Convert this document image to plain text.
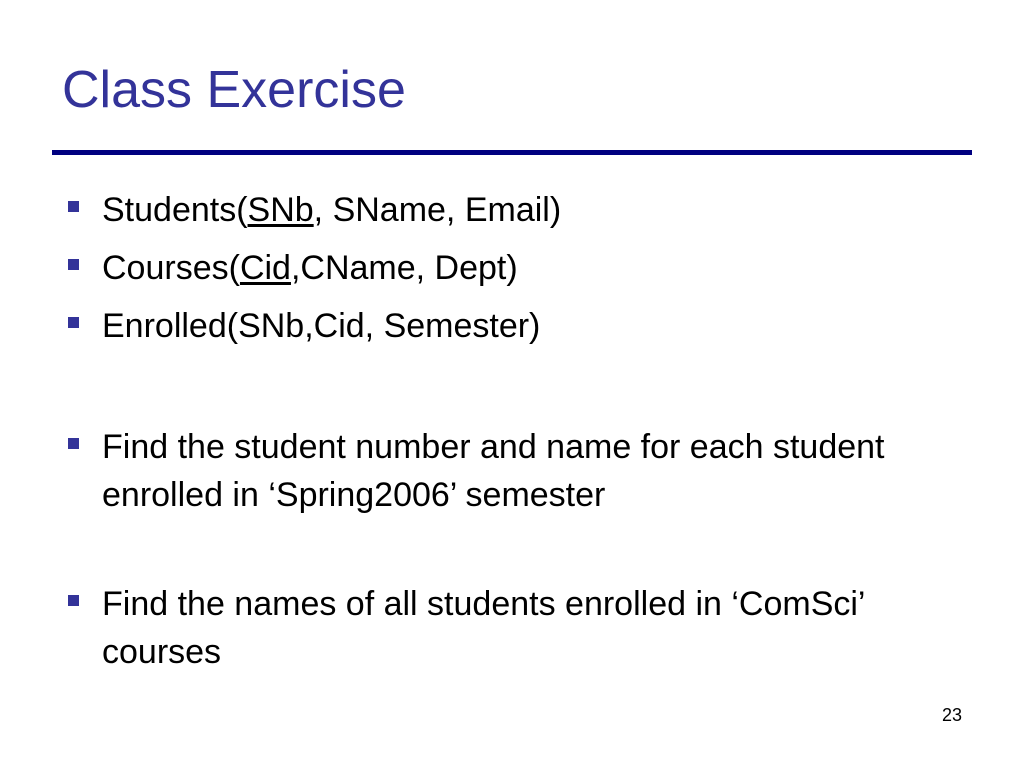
Class Exercise
Students(SNb, SName, Email)
Courses(Cid,CName, Dept)
Enrolled(SNb,Cid, Semester)
Find the student number and name for each student enrolled in ‘Spring2006’ semester
Find the names of all students enrolled in ‘ComSci’ courses
23
